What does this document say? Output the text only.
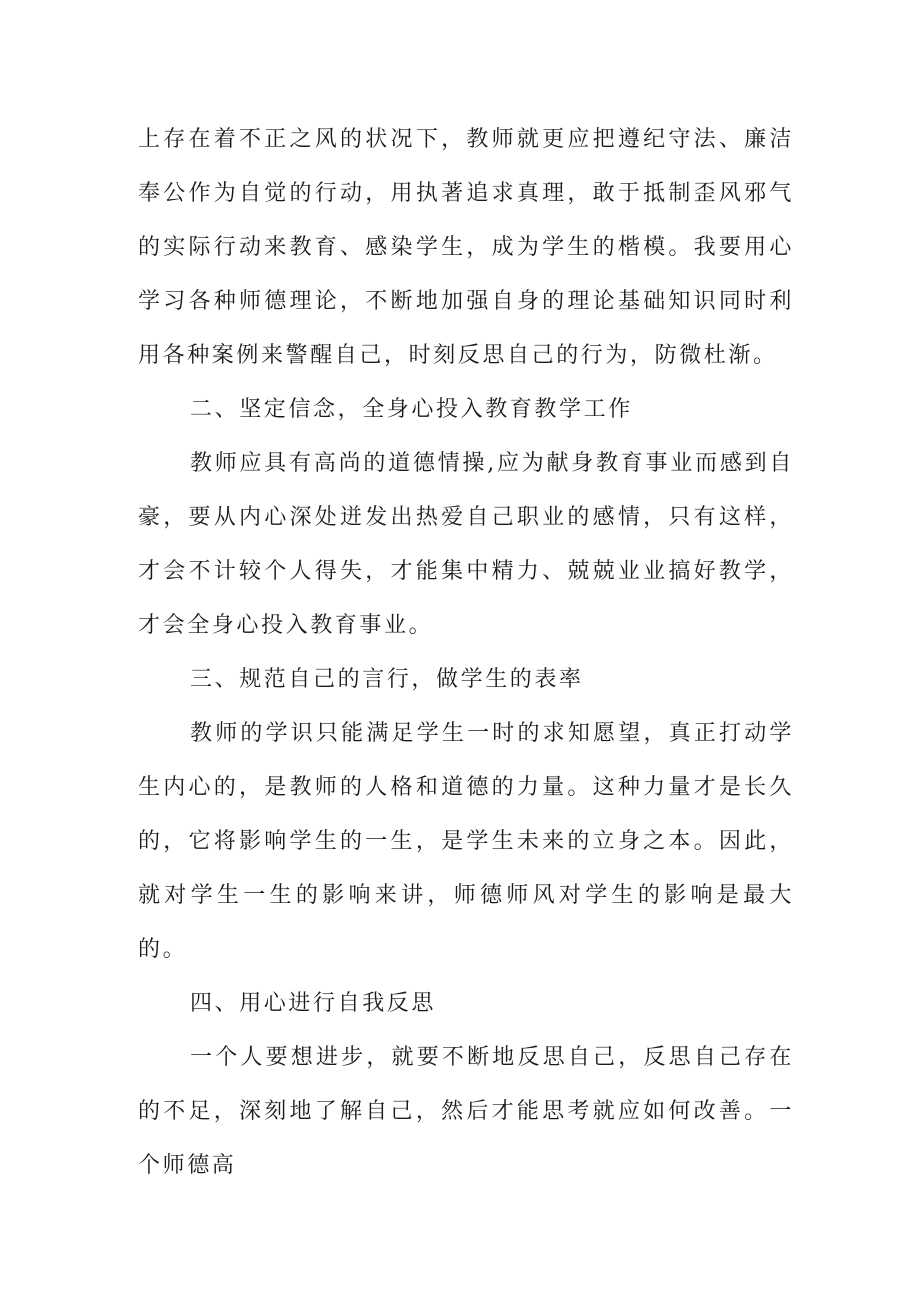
上存在着不正之风的状况下，教师就更应把遵纪守法、廉洁奉公作为自觉的行动，用执著追求真理，敢于抵制歪风邪气的实际行动来教育、感染学生，成为学生的楷模。我要用心学习各种师德理论，不断地加强自身的理论基础知识同时利用各种案例来警醒自己，时刻反思自己的行为，防微杜渐。

二、坚定信念，全身心投入教育教学工作

教师应具有高尚的道德情操,应为献身教育事业而感到自豪，要从内心深处迸发出热爱自己职业的感情，只有这样，才会不计较个人得失，才能集中精力、兢兢业业搞好教学，才会全身心投入教育事业。

三、规范自己的言行，做学生的表率

教师的学识只能满足学生一时的求知愿望，真正打动学生内心的，是教师的人格和道德的力量。这种力量才是长久的，它将影响学生的一生，是学生未来的立身之本。因此，就对学生一生的影响来讲，师德师风对学生的影响是最大的。

四、用心进行自我反思

一个人要想进步，就要不断地反思自己，反思自己存在的不足，深刻地了解自己，然后才能思考就应如何改善。一个师德高
